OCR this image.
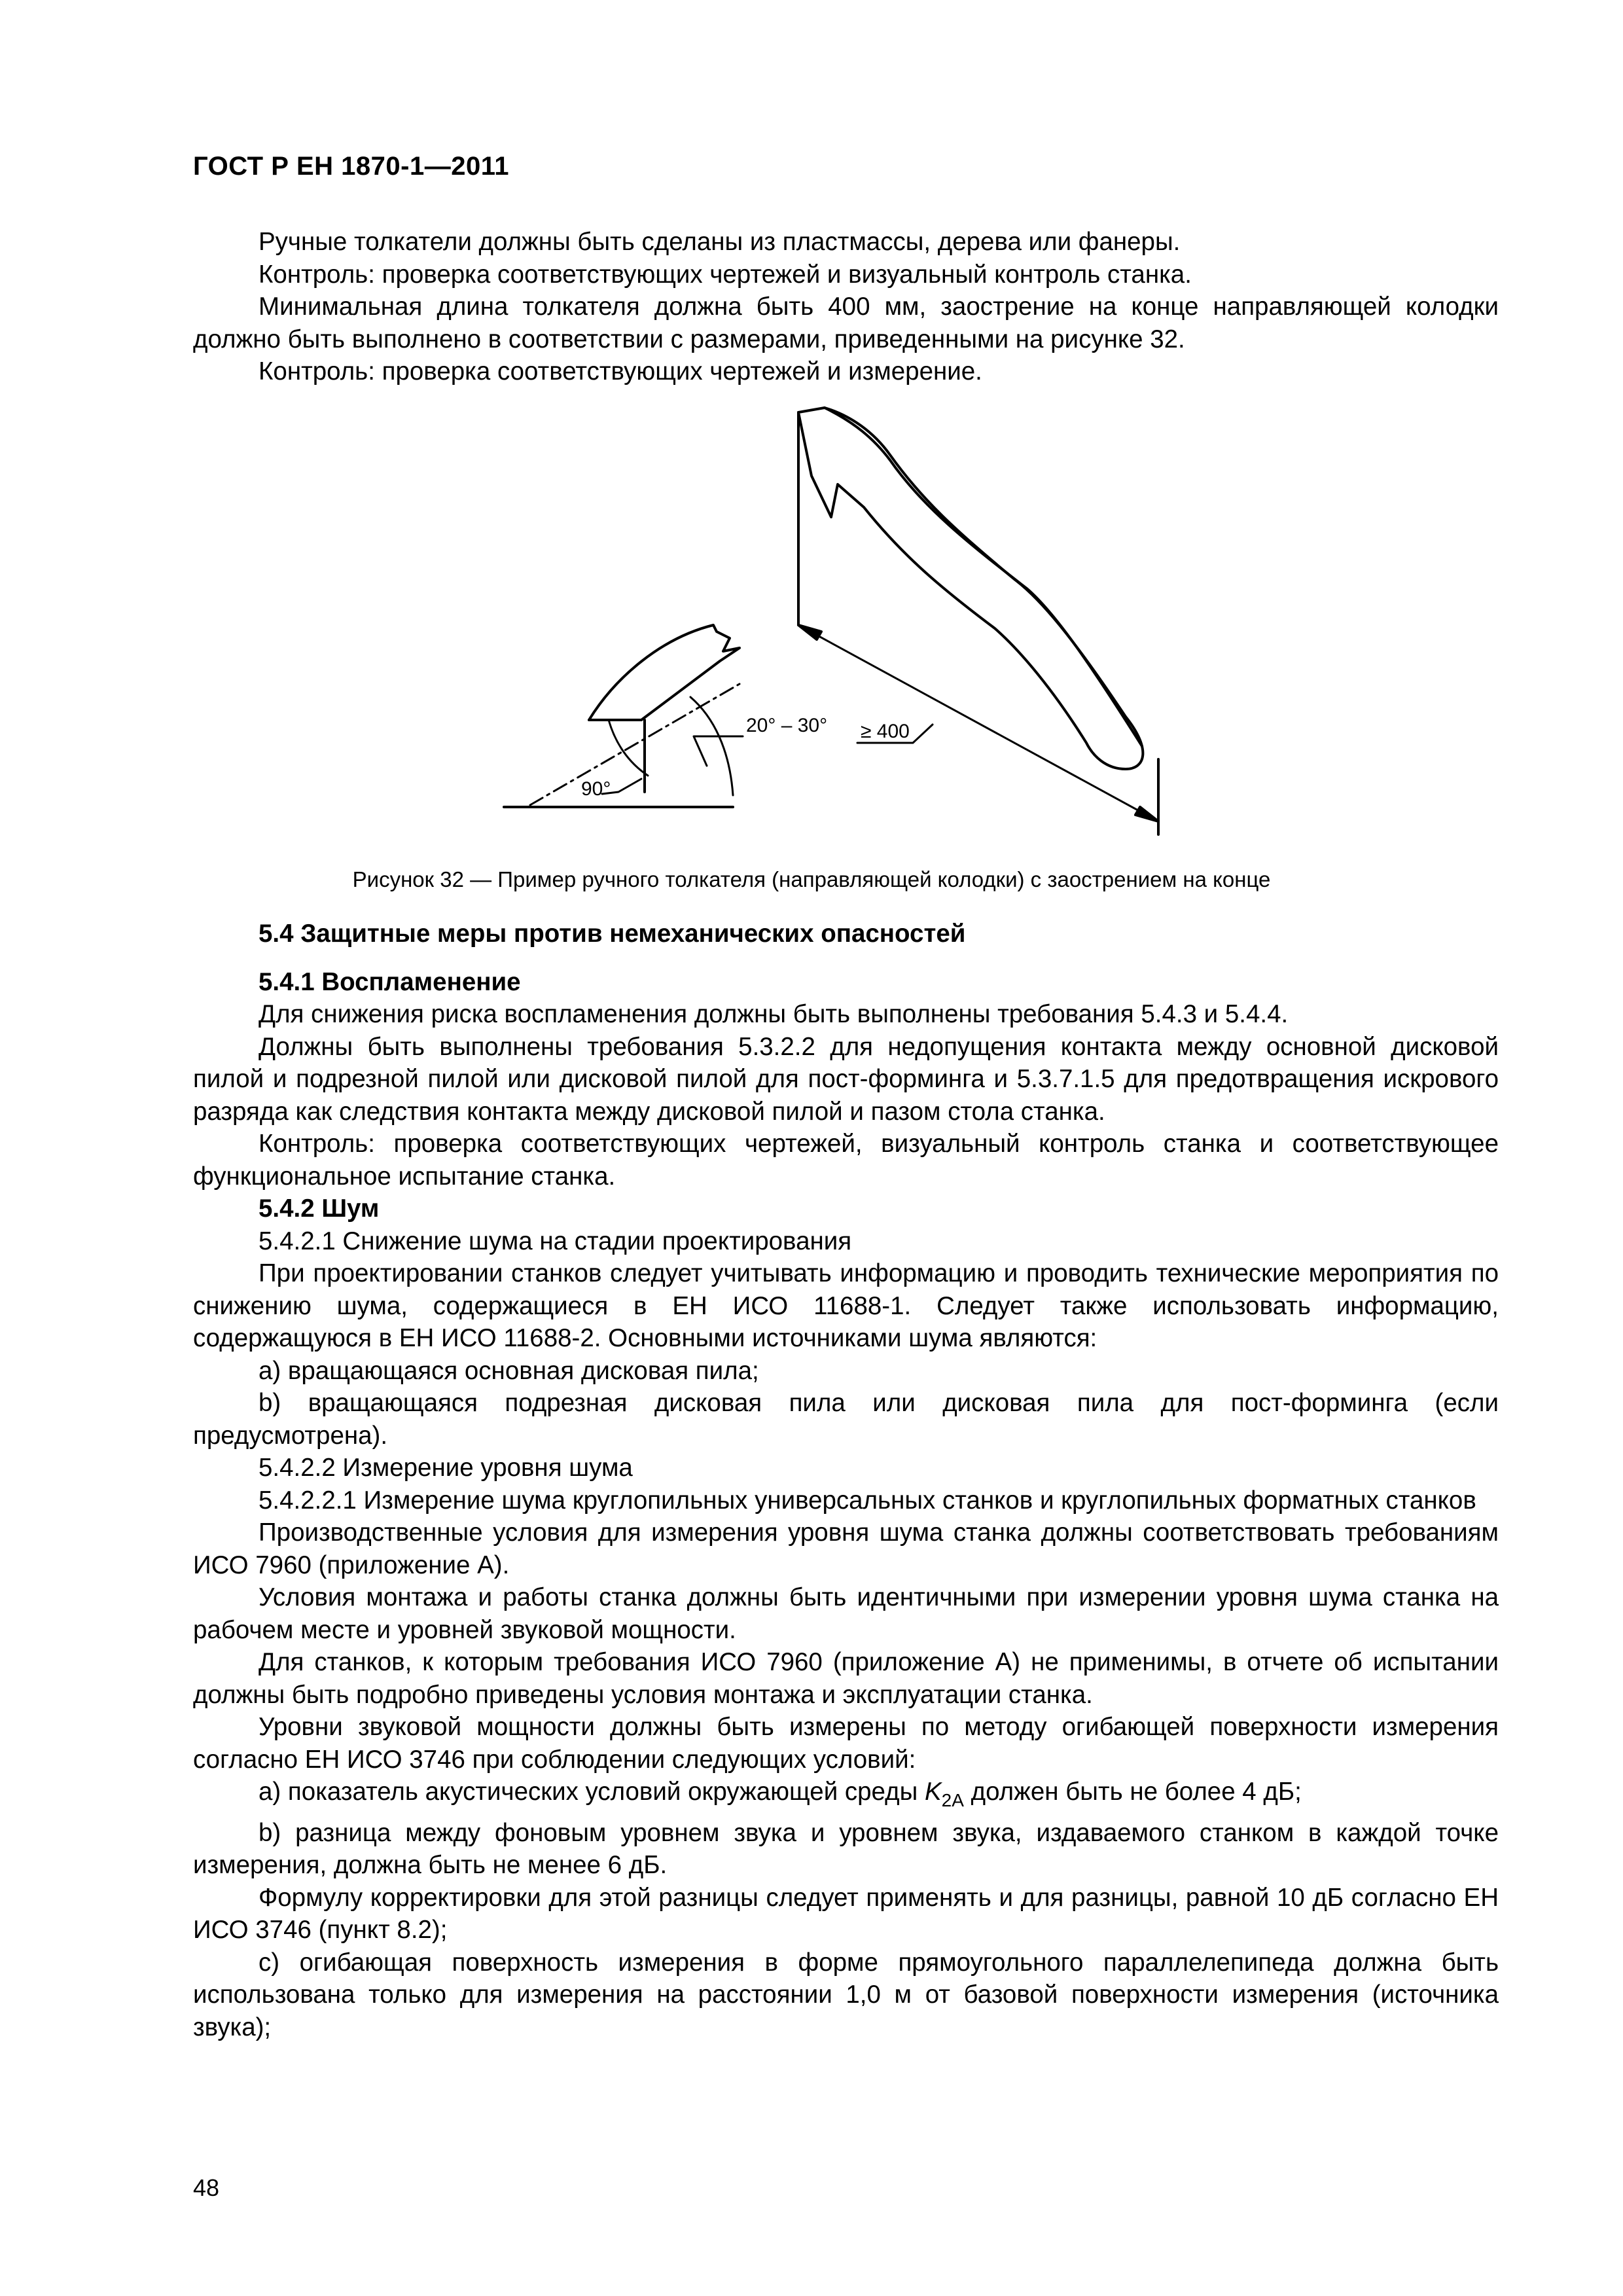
ГОСТ Р ЕН 1870-1—2011

Ручные толкатели должны быть сделаны из пластмассы, дерева или фанеры.

Контроль: проверка соответствующих чертежей и визуальный контроль станка.

Минимальная длина толкателя должна быть 400 мм, заострение на конце направляющей колодки должно быть выполнено в соответствии с размерами, приведенными на рисунке 32.

Контроль: проверка соответствующих чертежей и измерение.

20° – 30°
90°
≥ 400
Рисунок 32 — Пример ручного толкателя (направляющей колодки) с заострением на конце

5.4 Защитные меры против немеханических опасностей

5.4.1 Воспламенение

Для снижения риска воспламенения должны быть выполнены требования 5.4.3 и 5.4.4.

Должны быть выполнены требования 5.3.2.2 для недопущения контакта между основной дисковой пилой и подрезной пилой или дисковой пилой для пост-форминга и 5.3.7.1.5 для предотвращения искрового разряда как следствия контакта между дисковой пилой и пазом стола станка.

Контроль: проверка соответствующих чертежей, визуальный контроль станка и соответствующее функциональное испытание станка.

5.4.2 Шум

5.4.2.1 Снижение шума на стадии проектирования

При проектировании станков следует учитывать информацию и проводить технические мероприятия по снижению шума, содержащиеся в ЕН ИСО 11688-1. Следует также использовать информацию, содержащуюся в ЕН ИСО 11688-2. Основными источниками шума являются:

a) вращающаяся основная дисковая пила;

b) вращающаяся подрезная дисковая пила или дисковая пила для пост-форминга (если предусмотрена).

5.4.2.2 Измерение уровня шума

5.4.2.2.1 Измерение шума круглопильных универсальных станков и круглопильных форматных станков

Производственные условия для измерения уровня шума станка должны соответствовать требованиям ИСО 7960 (приложение А).

Условия монтажа и работы станка должны быть идентичными при измерении уровня шума станка на рабочем месте и уровней звуковой мощности.

Для станков, к которым требования ИСО 7960 (приложение А) не применимы, в отчете об испытании должны быть подробно приведены условия монтажа и эксплуатации станка.

Уровни звуковой мощности должны быть измерены по методу огибающей поверхности измерения согласно ЕН ИСО 3746 при соблюдении следующих условий:

a) показатель акустических условий окружающей среды $K_{2A}$ должен быть не более 4 дБ;

b) разница между фоновым уровнем звука и уровнем звука, издаваемого станком в каждой точке измерения, должна быть не менее 6 дБ.

Формулу корректировки для этой разницы следует применять и для разницы, равной 10 дБ согласно ЕН ИСО 3746 (пункт 8.2);

c) огибающая поверхность измерения в форме прямоугольного параллелепипеда должна быть использована только для измерения на расстоянии 1,0 м от базовой поверхности измерения (источника звука);

48
